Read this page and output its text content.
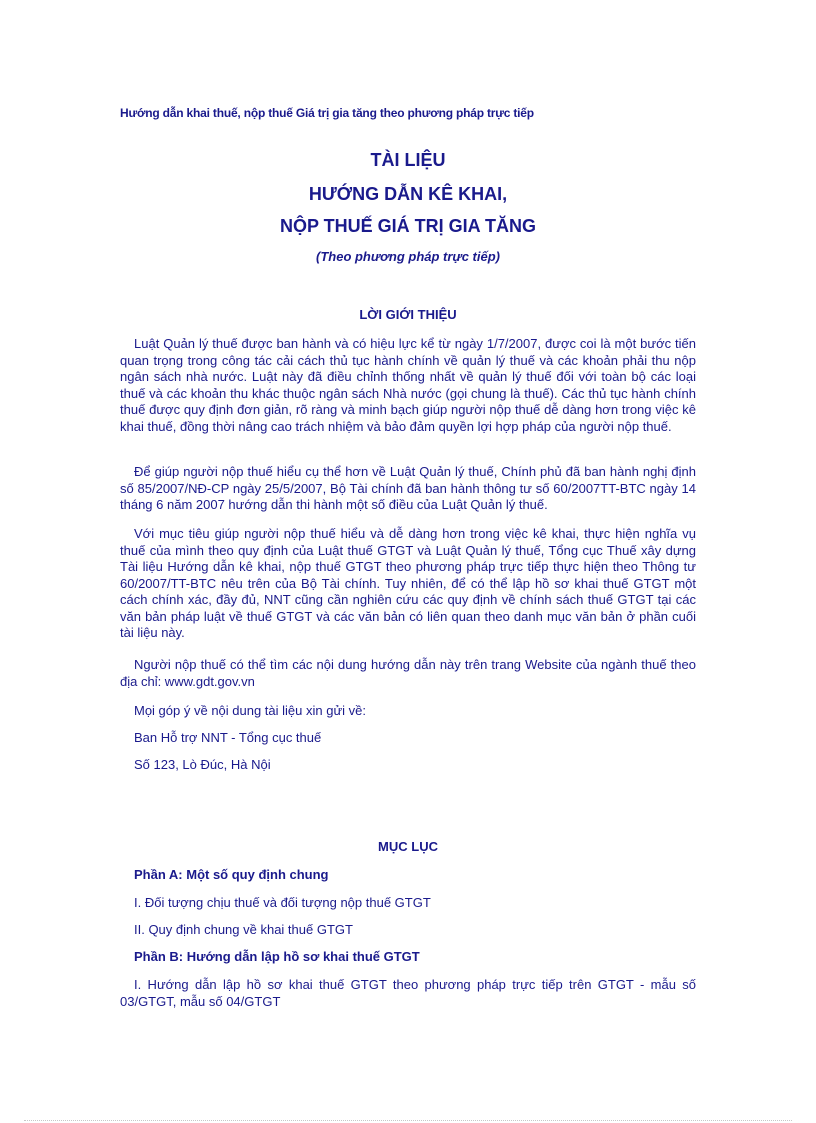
Hướng dẫn khai thuế, nộp thuế Giá trị gia tăng theo phương pháp trực tiếp
TÀI LIỆU
HƯỚNG DẪN KÊ KHAI,
NỘP THUẾ GIÁ TRỊ GIA TĂNG
(Theo phương pháp trực tiếp)
LỜI GIỚI THIỆU
Luật Quản lý thuế được ban hành và có hiệu lực kể từ ngày 1/7/2007, được coi là một bước tiến quan trọng trong công tác cải cách thủ tục hành chính về quản lý thuế và các khoản phải thu nộp ngân sách nhà nước. Luật này đã điều chỉnh thống nhất về quản lý thuế đối với toàn bộ các loại thuế và các khoản thu khác thuộc ngân sách Nhà nước (gọi chung là thuế). Các thủ tục hành chính thuế được quy định đơn giản, rõ ràng và minh bạch giúp người nộp thuế dễ dàng hơn trong việc kê khai thuế, đồng thời nâng cao trách nhiệm và bảo đảm quyền lợi hợp pháp của người nộp thuế.
Để giúp người nộp thuế hiểu cụ thể hơn về Luật Quản lý thuế, Chính phủ đã ban hành nghị định số 85/2007/NĐ-CP ngày 25/5/2007, Bộ Tài chính đã ban hành thông tư số 60/2007TT-BTC ngày 14 tháng 6 năm 2007 hướng dẫn thi hành một số điều của Luật Quản lý thuế.
Với mục tiêu giúp người nộp thuế hiểu và dễ dàng hơn trong việc kê khai, thực hiện nghĩa vụ thuế của mình theo quy định của Luật thuế GTGT và Luật Quản lý thuế, Tổng cục Thuế xây dựng Tài liệu Hướng dẫn kê khai, nộp thuế GTGT theo phương pháp trực tiếp thực hiện theo Thông tư 60/2007/TT-BTC nêu trên của Bộ Tài chính. Tuy nhiên, để có thể lập hồ sơ khai thuế GTGT một cách chính xác, đầy đủ, NNT cũng cần nghiên cứu các quy định về chính sách thuế GTGT tại các văn bản pháp luật về thuế GTGT và các văn bản có liên quan theo danh mục văn bản ở phần cuối tài liệu này.
Người nộp thuế có thể tìm các nội dung hướng dẫn này trên trang Website của ngành thuế theo địa chỉ: www.gdt.gov.vn
Mọi góp ý về nội dung tài liệu xin gửi về:
Ban Hỗ trợ NNT - Tổng cục thuế
Số 123, Lò Đúc, Hà Nội
MỤC LỤC
Phần A: Một số quy định chung
I. Đối tượng chịu thuế và đối tượng nộp thuế GTGT
II. Quy định chung về khai thuế GTGT
Phần B: Hướng dẫn lập hồ sơ khai thuế GTGT
I. Hướng dẫn lập hồ sơ khai thuế GTGT theo phương pháp trực tiếp trên GTGT - mẫu số 03/GTGT, mẫu số 04/GTGT
